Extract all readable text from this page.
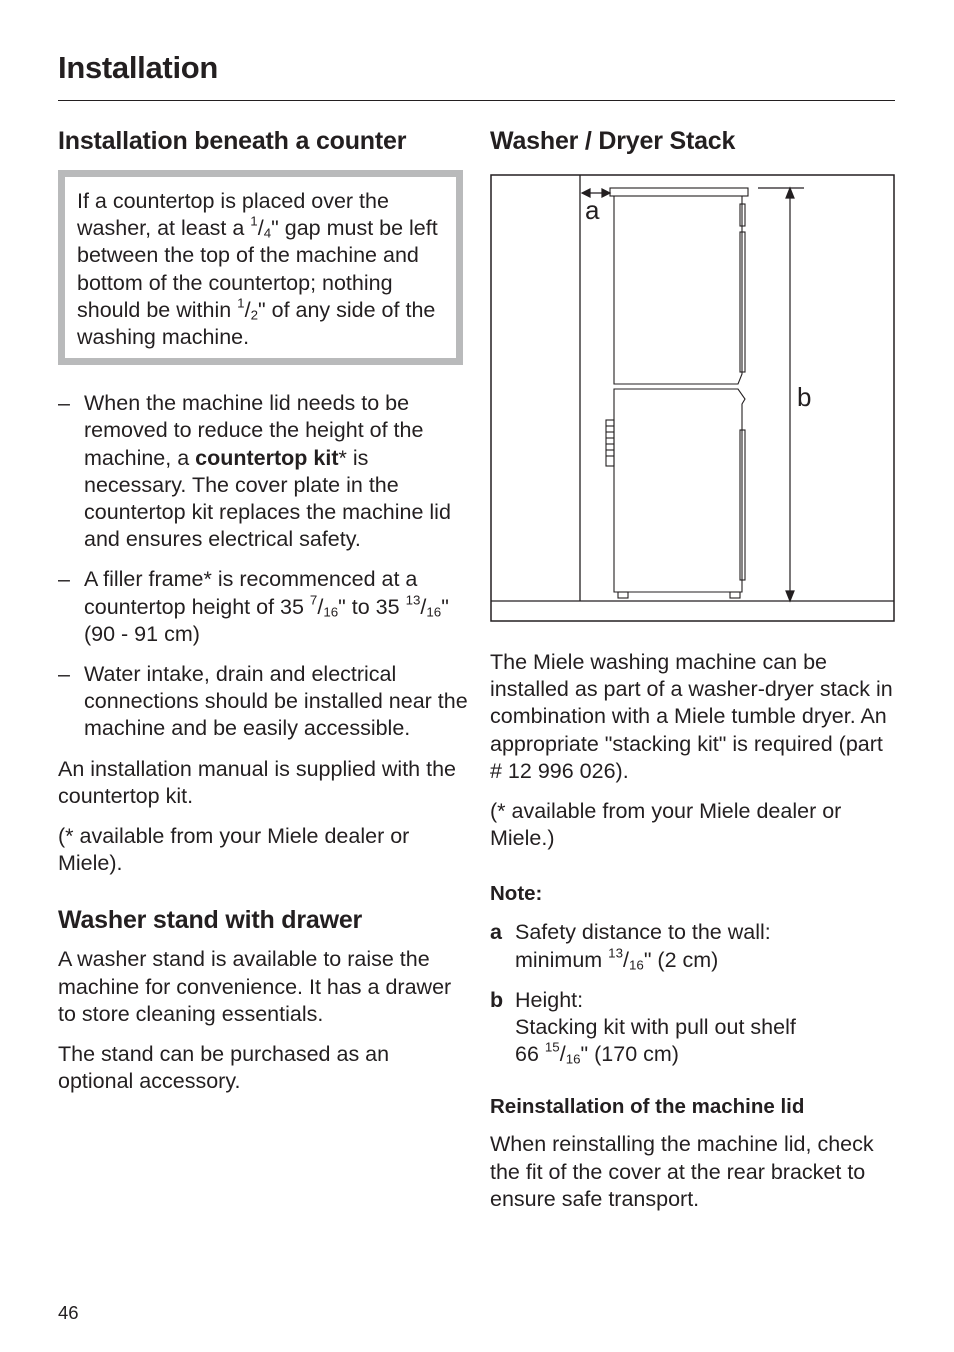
Installation
Installation beneath a counter

If a countertop is placed over the washer, at least a $^1/_4$" gap must be left between the top of the machine and bottom of the countertop; nothing should be within $^1/_2$" of any side of the washing machine.

– When the machine lid needs to be removed to reduce the height of the machine, a countertop kit* is necessary. The cover plate in the countertop kit replaces the machine lid and ensures electrical safety.
– A filler frame* is recommenced at a countertop height of 35 $^7/_{16}$" to 35 $^{13}/_{16}$" (90 - 91 cm)
– Water intake, drain and electrical connections should be installed near the machine and be easily accessible.

An installation manual is supplied with the countertop kit.

(* available from your Miele dealer or Miele).

Washer stand with drawer

A washer stand is available to raise the machine for convenience. It has a drawer to store cleaning essentials.

The stand can be purchased as an optional accessory.

Washer / Dryer Stack
a
b

The Miele washing machine can be installed as part of a washer-dryer stack in combination with a Miele tumble dryer. An appropriate "stacking kit" is required (part # 12 996 026).

(* available from your Miele dealer or Miele.)

Note:

a Safety distance to the wall:
minimum $^{13}/_{16}$" (2 cm)

b Height:
Stacking kit with pull out shelf
66 $^{15}/_{16}$" (170 cm)

Reinstallation of the machine lid

When reinstalling the machine lid, check the fit of the cover at the rear bracket to ensure safe transport.

46
